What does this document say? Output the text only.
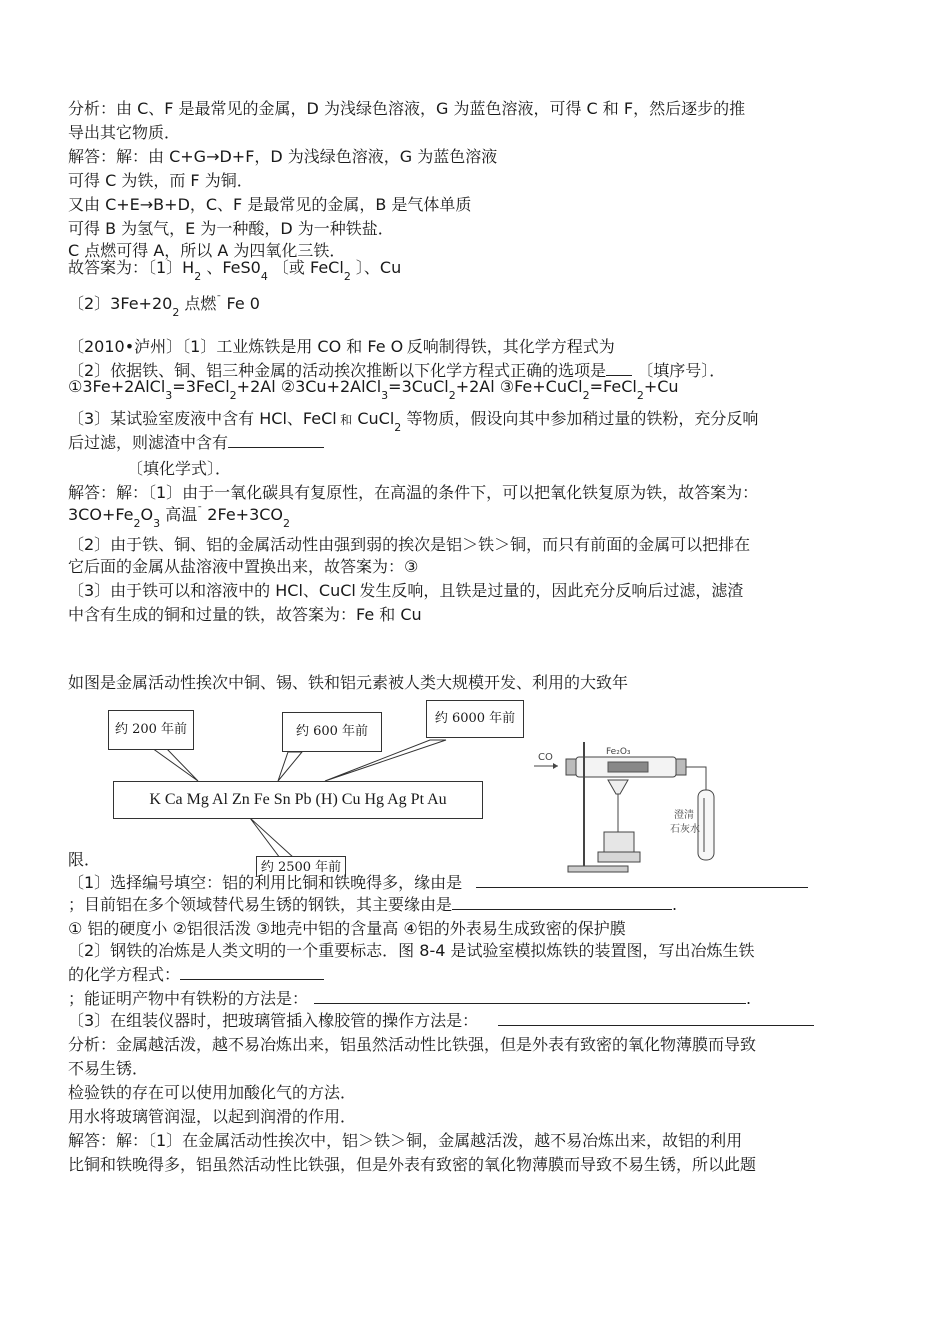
分析：由 C、F 是最常见的金属，D 为浅绿色溶液，G 为蓝色溶液，可得 C 和 F，然后逐步的推
导出其它物质．
解答：解：由 C+G→D+F，D 为浅绿色溶液，G 为蓝色溶液
可得 C 为铁，而 F 为铜．
又由 C+E→B+D，C、F 是最常见的金属，B 是气体单质
可得 B 为氢气，E 为一种酸，D 为一种铁盐．
C 点燃可得 A，所以 A 为四氧化三铁．
故答案为：〔1〕$H_2$ 、$FeS0_4$ 〔或 FeCl$_2$ 〕、Cu
〔2〕$3Fe+20_2$ 点燃¯ Fe 0
〔2010•泸州〕〔1〕工业炼铁是用 CO 和 Fe O 反响制得铁，其化学方程式为
〔2〕依据铁、铜、铝三种金属的活动挨次推断以下化学方程式正确的选项是 〔填序号〕．
①3Fe+2AlCl$_3$=3FeCl$_2$+2Al ②3Cu+2AlCl$_3$=3CuCl$_2$+2Al ③Fe+CuCl$_2$=FeCl$_2$+Cu
〔3〕某试验室废液中含有 HCl、FeCl 和 CuCl$_2$ 等物质，假设向其中参加稍过量的铁粉，充分反响
后过滤，则滤渣中含有
〔填化学式〕．
解答：解：〔1〕由于一氧化碳具有复原性，在高温的条件下，可以把氧化铁复原为铁，故答案为：
$3CO+Fe_2O_3$ 高温¯ $2Fe+3CO_2$
〔2〕由于铁、铜、铝的金属活动性由强到弱的挨次是铝＞铁＞铜，而只有前面的金属可以把排在
它后面的金属从盐溶液中置换出来，故答案为：③
〔3〕由于铁可以和溶液中的 HCl、CuCl 发生反响，且铁是过量的，因此充分反响后过滤，滤渣
中含有生成的铜和过量的铁，故答案为：Fe 和 Cu
如图是金属活动性挨次中铜、锡、铁和铝元素被人类大规模开发、利用的大致年
约 200 年前	约 600 年前
约 6000 年前
K Ca Mg Al Zn Fe Sn Pb (H) Cu Hg Ag Pt Au
约 2500 年前
CO	Fe₂O₃
澄清
石灰水
限．
〔1〕选择编号填空：铝的利用比铜和铁晚得多，缘由是
；目前铝在多个领域替代易生锈的钢铁，其主要缘由是	.
① 铝的硬度小 ②铝很活泼 ③地壳中铝的含量高 ④铝的外表易生成致密的保护膜
〔2〕钢铁的冶炼是人类文明的一个重要标志．图 8-4 是试验室模拟炼铁的装置图，写出冶炼生铁
的化学方程式：
；能证明产物中有铁粉的方法是：	.
〔3〕在组装仪器时，把玻璃管插入橡胶管的操作方法是：
分析：金属越活泼，越不易冶炼出来，铝虽然活动性比铁强，但是外表有致密的氧化物薄膜而导致
不易生锈．
检验铁的存在可以使用加酸化气的方法．
用水将玻璃管润湿，以起到润滑的作用．
解答：解：〔1〕在金属活动性挨次中，铝＞铁＞铜，金属越活泼，越不易冶炼出来，故铝的利用
比铜和铁晚得多，铝虽然活动性比铁强，但是外表有致密的氧化物薄膜而导致不易生锈，所以此题
